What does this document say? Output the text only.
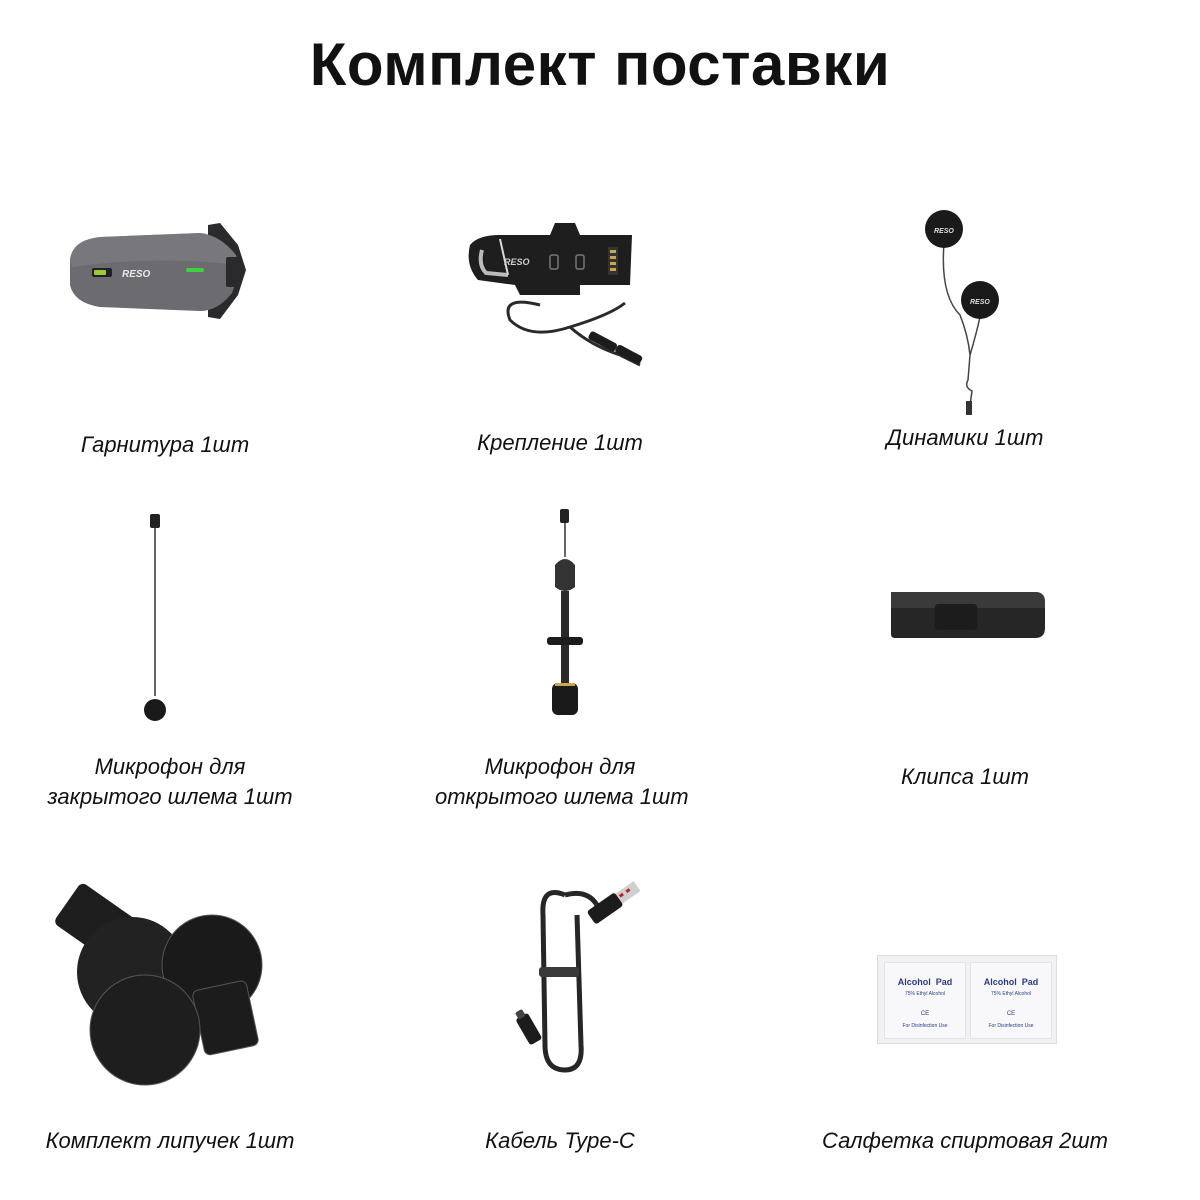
Комплект поставки
RESO
Гарнитура 1шт
RESO
Крепление 1шт
RESO
RESO
Динамики 1шт
Микрофон для
закрытого шлема 1шт
Микрофон для
открытого шлема 1шт
Клипса 1шт
Комплект липучек 1шт	Кабель Type-C
Alcohol  Pad
75% Ethyl Alcohol
CE
For Disinfection Use
Alcohol  Pad
75% Ethyl Alcohol
CE
For Disinfection Use
Салфетка спиртовая 2шт
